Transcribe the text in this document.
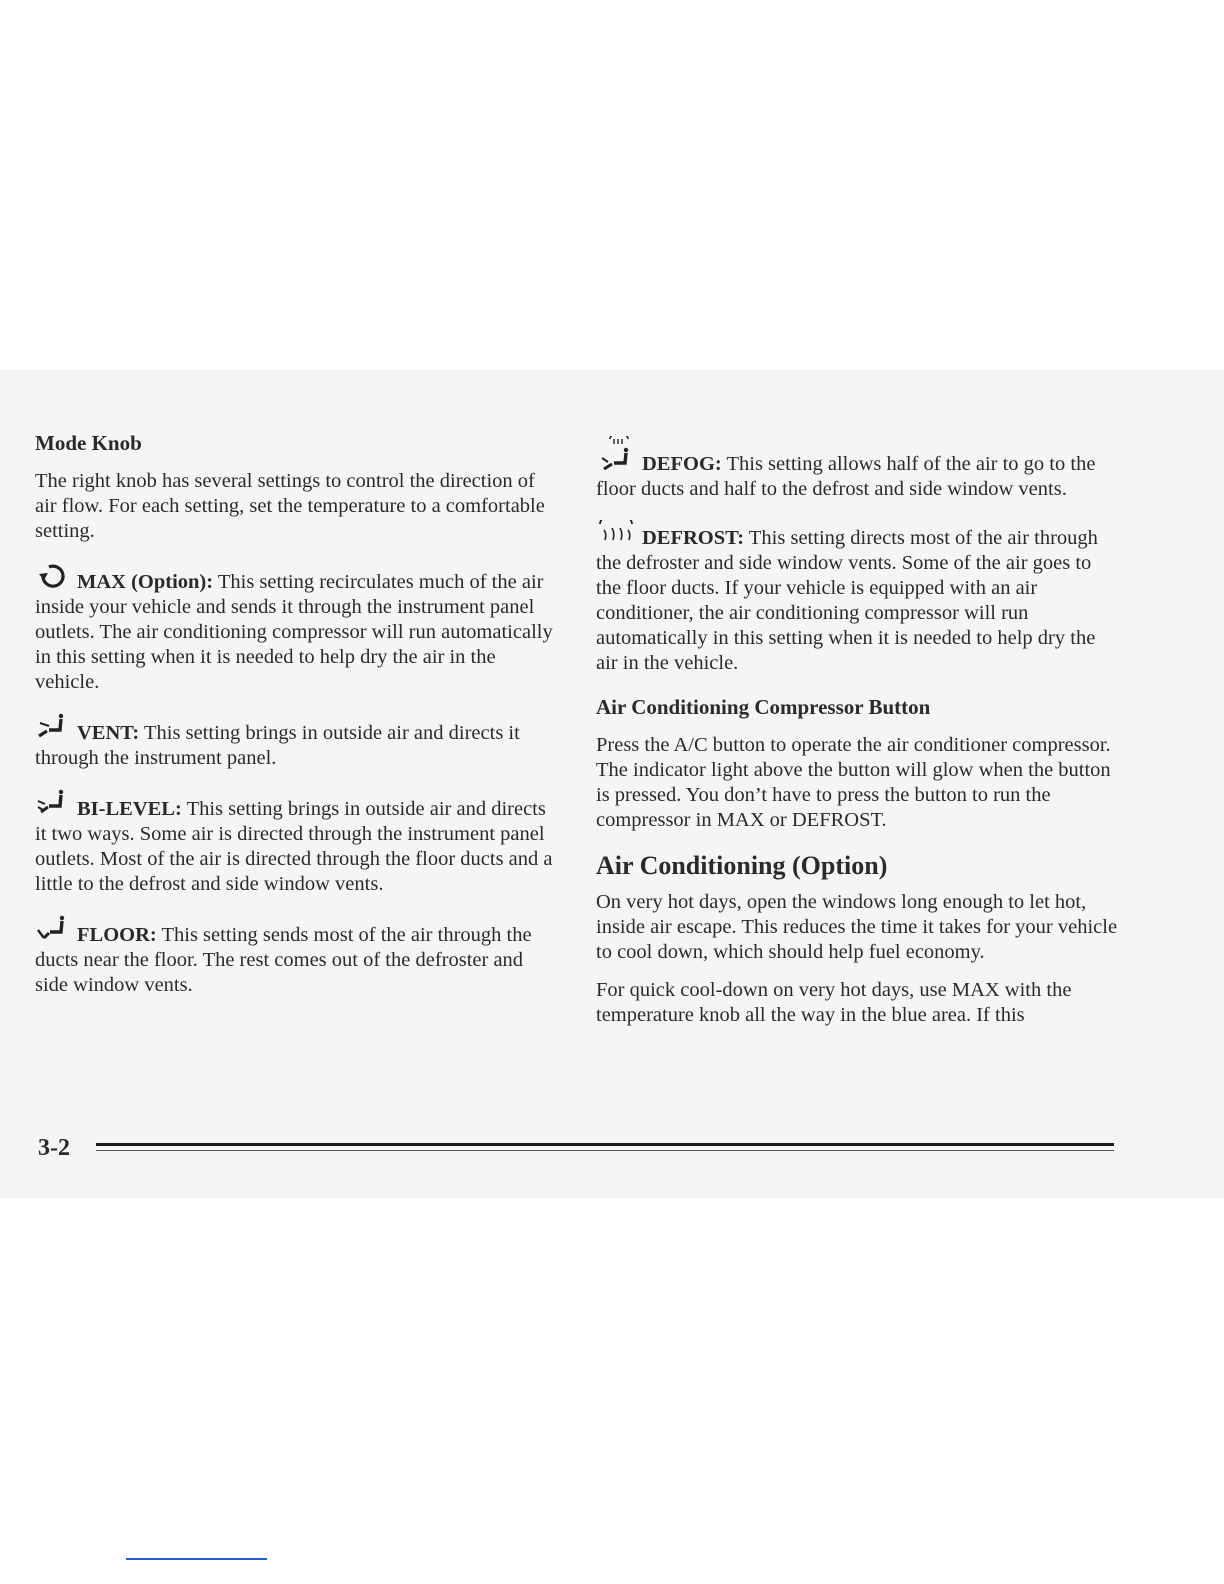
Mode Knob

The right knob has several settings to control the direction of air flow. For each setting, set the temperature to a comfortable setting.

MAX (Option): This setting recirculates much of the air inside your vehicle and sends it through the instrument panel outlets. The air conditioning compressor will run automatically in this setting when it is needed to help dry the air in the vehicle.

VENT: This setting brings in outside air and directs it through the instrument panel.

BI-LEVEL: This setting brings in outside air and directs it two ways. Some air is directed through the instrument panel outlets. Most of the air is directed through the floor ducts and a little to the defrost and side window vents.

FLOOR: This setting sends most of the air through the ducts near the floor. The rest comes out of the defroster and side window vents.

DEFOG: This setting allows half of the air to go to the floor ducts and half to the defrost and side window vents.

DEFROST: This setting directs most of the air through the defroster and side window vents. Some of the air goes to the floor ducts. If your vehicle is equipped with an air conditioner, the air conditioning compressor will run automatically in this setting when it is needed to help dry the air in the vehicle.

Air Conditioning Compressor Button

Press the A/C button to operate the air conditioner compressor. The indicator light above the button will glow when the button is pressed. You don’t have to press the button to run the compressor in MAX or DEFROST.

Air Conditioning (Option)

On very hot days, open the windows long enough to let hot, inside air escape. This reduces the time it takes for your vehicle to cool down, which should help fuel economy.

For quick cool-down on very hot days, use MAX with the temperature knob all the way in the blue area. If this

3-2
